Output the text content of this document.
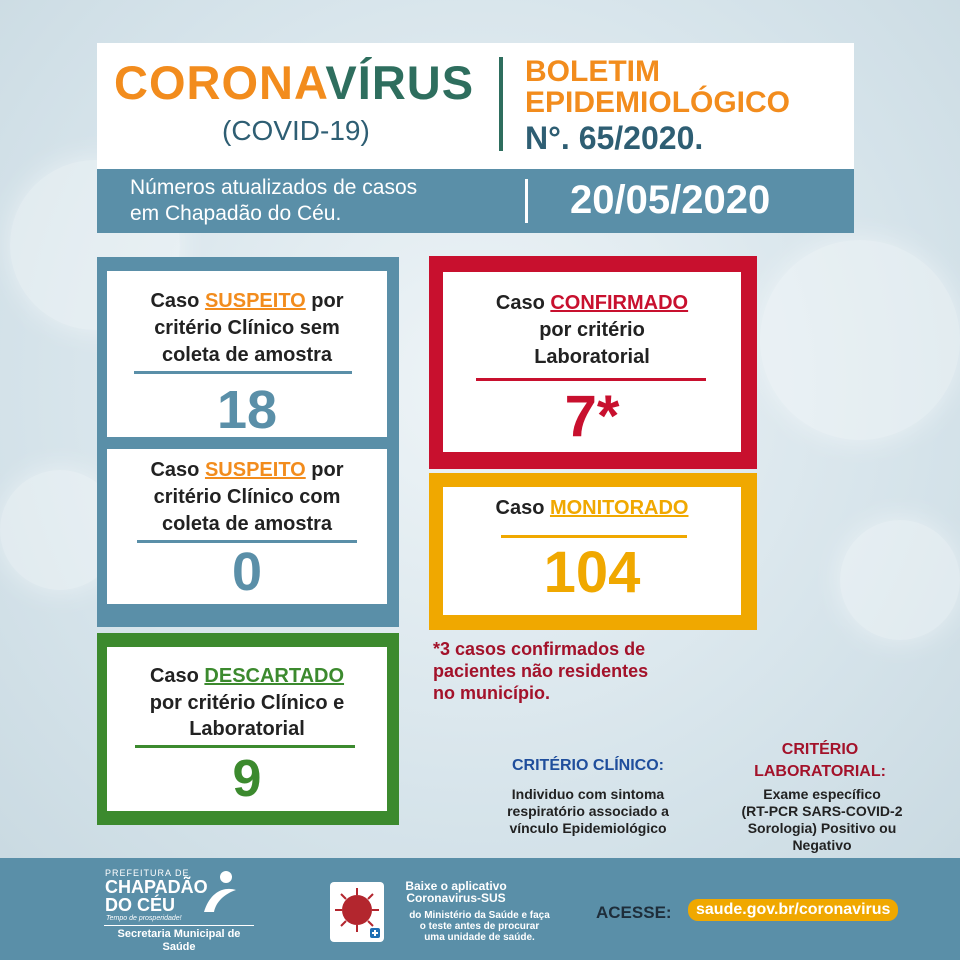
CORONAVÍRUS
(COVID-19)
BOLETIM
EPIDEMIOLÓGICO
N°. 65/2020.
Números atualizados de casos
em Chapadão do Céu.	20/05/2020
Caso SUSPEITO por
critério Clínico sem
coleta de amostra
18
Caso SUSPEITO por
critério Clínico com
coleta de amostra
0
Caso CONFIRMADO
por critério
Laboratorial
7*
Caso MONITORADO
104
Caso DESCARTADO
por critério Clínico e
Laboratorial
9
*3 casos confirmados de
pacientes não residentes
no município.
CRITÉRIO CLÍNICO:
Individuo com sintoma
respiratório associado a
vínculo Epidemiológico
CRITÉRIO
LABORATORIAL:
Exame específico
(RT-PCR SARS-COVID-2
Sorologia) Positivo ou
Negativo
PREFEITURA DE
CHAPADÃO
DO CÉU
Tempo de prosperidade!
Secretaria Municipal de
Saúde
Baixe o aplicativo
Coronavirus-SUS
do Ministério da Saúde e faça
o teste antes de procurar
uma unidade de saúde.
ACESSE:	saude.gov.br/coronavirus
